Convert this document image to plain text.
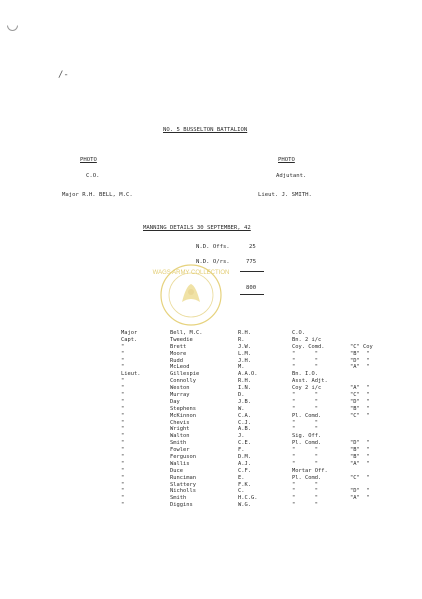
/-
NO. 5 BUSSELTON BATTALION
PHOTO	PHOTO
C.O.	Adjutant.
Major R.H. BELL, M.C.	Lieut. J. SMITH.
MANNING DETAILS 30 SEPTEMBER, 42
N.D. Offs.	25
N.D. O/rs.	775
800
WAGS ARMY COLLECTION
Major	Bell, M.C.	R.H.	C.O.
Capt.	Tweedie	R.	Bn. 2 i/c
"	Brett	J.W.	Coy. Comd.	"C" Coy
"	Moore	L.M.	"      "	"B"  "
"	Rudd	J.H.	"      "	"D"  "
"	McLeod	M.	"      "	"A"  "
Lieut.	Gillespie	A.A.O.	Bn. I.O.
"	Connolly	R.H.	Asst. Adjt.
"	Weston	I.N.	Coy 2 i/c	"A"  "
"	Murray	D.	"      "	"C"  "
"	Day	J.B.	"      "	"D"  "
"	Stephens	W.	"      "	"B"  "
"	McKinnon	C.A.	Pl. Comd.	"C"  "
"	Chevis	C.J.	"      "
"	Wright	A.B.	"      "
"	Walton	J.	Sig. Off.
"	Smith	C.E.	Pl. Comd.	"D"  "
"	Fowler	F.	"      "	"B"  "
"	Ferguson	D.M.	"      "	"B"  "
"	Wallis	A.J.	"      "	"A"  "
"	Duce	C.F.	Mortar Off.
"	Runciman	E.	Pl. Comd.	"C"  "
"	Slattery	F.K.	"      "
"	Nicholls	C.	"      "	"D"  "
"	Smith	H.C.G.	"      "	"A"  "
"	Diggins	W.G.	"      "
